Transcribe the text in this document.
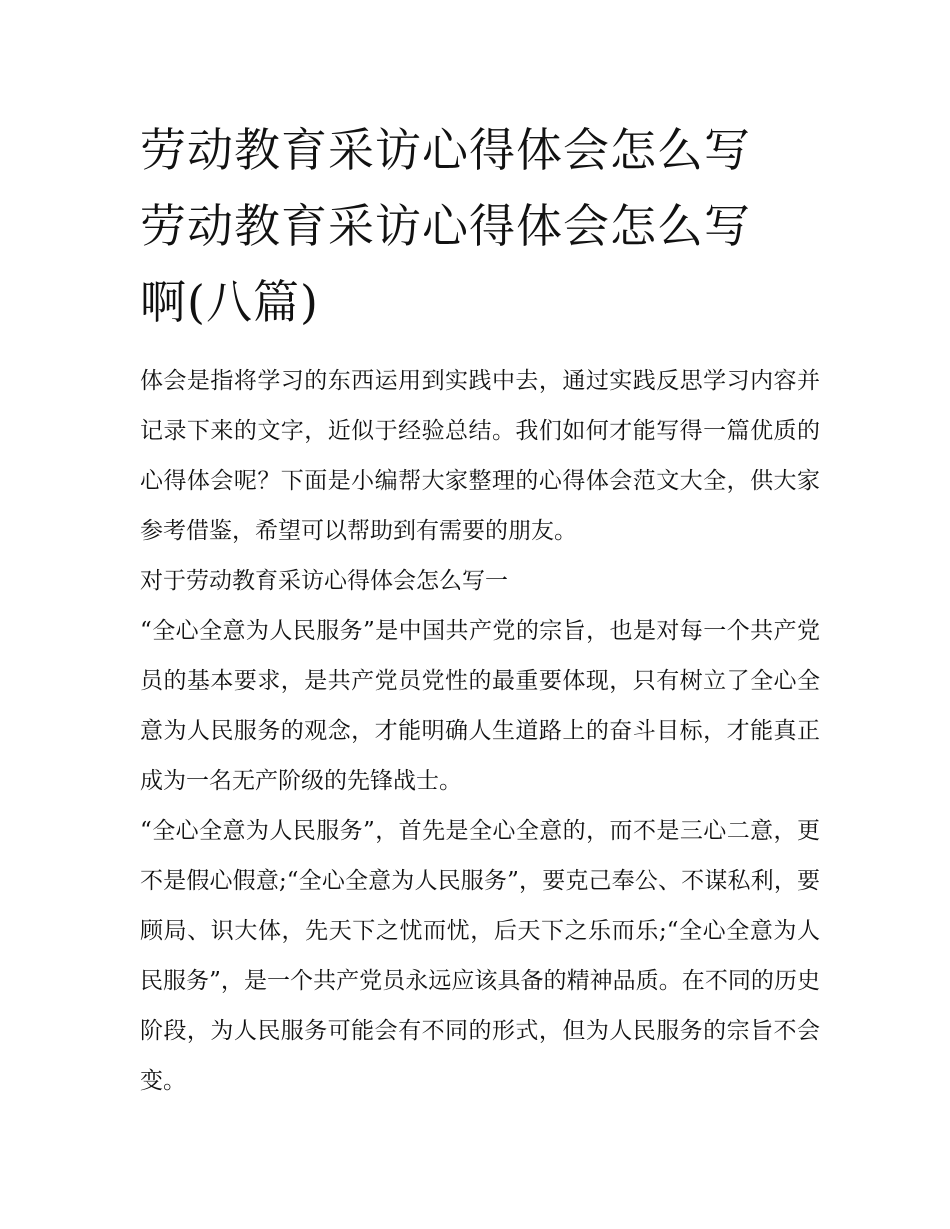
劳动教育采访心得体会怎么写
劳动教育采访心得体会怎么写
啊(八篇)

体会是指将学习的东西运用到实践中去，通过实践反思学习内容并记录下来的文字，近似于经验总结。我们如何才能写得一篇优质的心得体会呢？下面是小编帮大家整理的心得体会范文大全，供大家参考借鉴，希望可以帮助到有需要的朋友。

对于劳动教育采访心得体会怎么写一

“全心全意为人民服务”是中国共产党的宗旨，也是对每一个共产党员的基本要求，是共产党员党性的最重要体现，只有树立了全心全意为人民服务的观念，才能明确人生道路上的奋斗目标，才能真正成为一名无产阶级的先锋战士。

“全心全意为人民服务”，首先是全心全意的，而不是三心二意，更不是假心假意;“全心全意为人民服务”，要克己奉公、不谋私利，要顾局、识大体，先天下之忧而忧，后天下之乐而乐;“全心全意为人民服务”，是一个共产党员永远应该具备的精神品质。在不同的历史阶段，为人民服务可能会有不同的形式，但为人民服务的宗旨不会变。
